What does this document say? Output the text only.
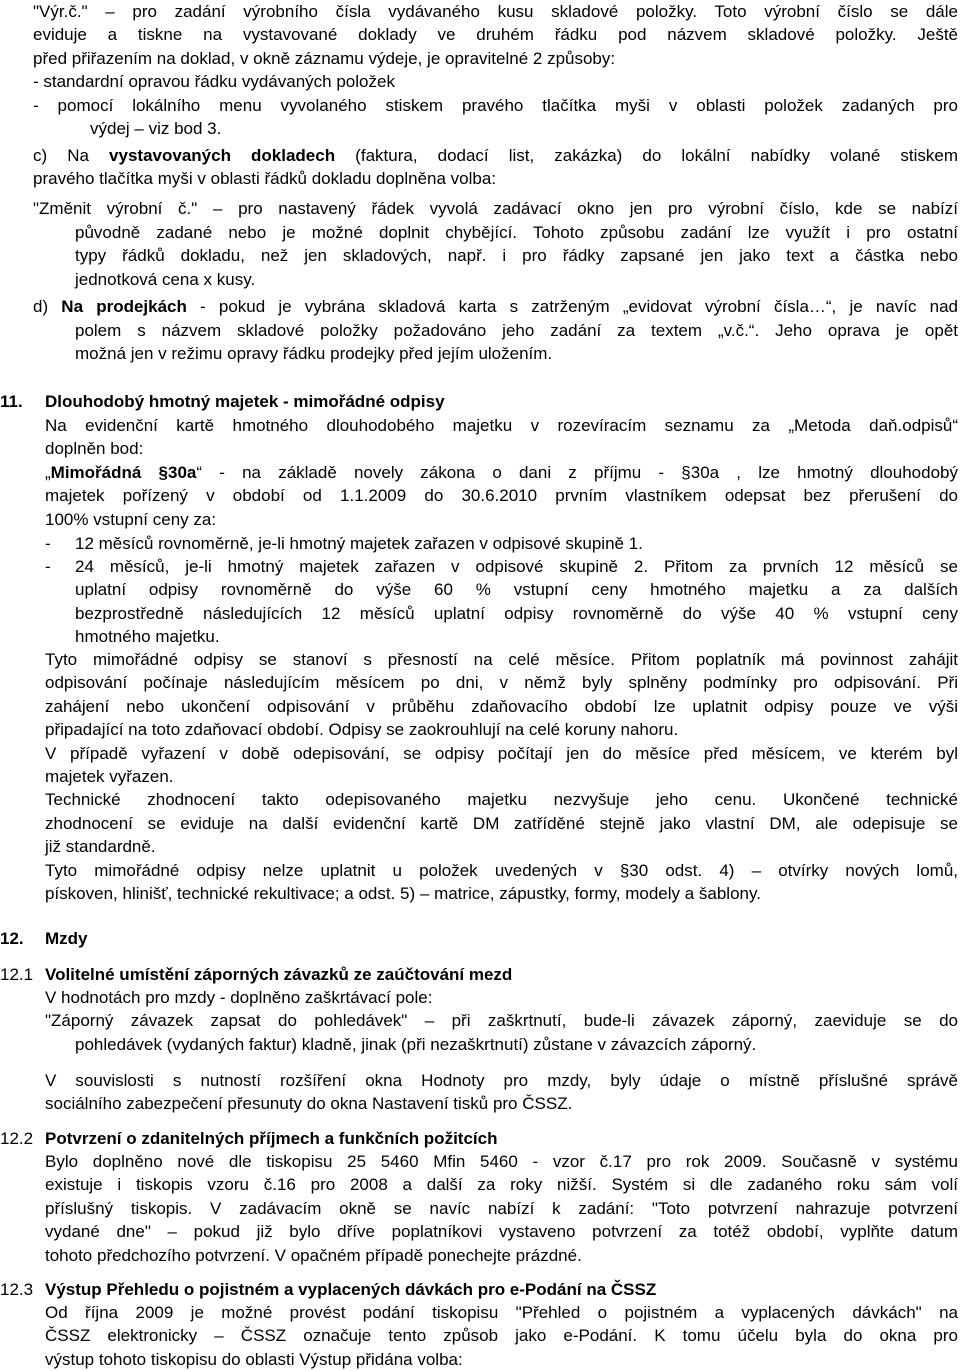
"Výr.č." – pro zadání výrobního čísla vydávaného kusu skladové položky. Toto výrobní číslo se dále
eviduje a tiskne na vystavované doklady ve druhém řádku pod názvem skladové položky. Ještě
před přiřazením na doklad, v okně záznamu výdeje, je opravitelné 2 způsoby:
- standardní opravou řádku vydávaných položek
- pomocí lokálního menu vyvolaného stiskem pravého tlačítka myši v oblasti položek zadaných pro
výdej – viz bod 3.
c) Na vystavovaných dokladech (faktura, dodací list, zakázka) do lokální nabídky volané stiskem
pravého tlačítka myši v oblasti řádků dokladu doplněna volba:
"Změnit výrobní č." – pro nastavený řádek vyvolá zadávací okno jen pro výrobní číslo, kde se nabízí
původně zadané nebo je možné doplnit chybějící. Tohoto způsobu zadání lze využít i pro ostatní
typy řádků dokladu, než jen skladových, např. i pro řádky zapsané jen jako text a částka nebo
jednotková cena x kusy.
d) Na prodejkách - pokud je vybrána skladová karta s zatrženým „evidovat výrobní čísla…“, je navíc nad
polem s názvem skladové položky požadováno jeho zadání za textem „v.č.“. Jeho oprava je opět
možná jen v režimu opravy řádku prodejky před jejím uložením.
11. Dlouhodobý hmotný majetek - mimořádné odpisy
Na evidenční kartě hmotného dlouhodobého majetku v rozevíracím seznamu za „Metoda daň.odpisů“
doplněn bod:
„Mimořádná §30a“ - na základě novely zákona o dani z příjmu - §30a , lze hmotný dlouhodobý
majetek pořízený v období od 1.1.2009 do 30.6.2010 prvním vlastníkem odepsat bez přerušení do
100% vstupní ceny za:
- 12 měsíců rovnoměrně, je-li hmotný majetek zařazen v odpisové skupině 1.
- 24 měsíců, je-li hmotný majetek zařazen v odpisové skupině 2. Přitom za prvních 12 měsíců se
uplatní odpisy rovnoměrně do výše 60 % vstupní ceny hmotného majetku a za dalších
bezprostředně následujících 12 měsíců uplatní odpisy rovnoměrně do výše 40 % vstupní ceny
hmotného majetku.
Tyto mimořádné odpisy se stanoví s přesností na celé měsíce. Přitom poplatník má povinnost zahájit
odpisování počínaje následujícím měsícem po dni, v němž byly splněny podmínky pro odpisování. Při
zahájení nebo ukončení odpisování v průběhu zdaňovacího období lze uplatnit odpisy pouze ve výši
připadající na toto zdaňovací období. Odpisy se zaokrouhlují na celé koruny nahoru.
V případě vyřazení v době odepisování, se odpisy počítají jen do měsíce před měsícem, ve kterém byl
majetek vyřazen.
Technické zhodnocení takto odepisovaného majetku nezvyšuje jeho cenu. Ukončené technické
zhodnocení se eviduje na další evidenční kartě DM zatříděné stejně jako vlastní DM, ale odepisuje se
již standardně.
Tyto mimořádné odpisy nelze uplatnit u položek uvedených v §30 odst. 4) – otvírky nových lomů,
pískoven, hlinišť, technické rekultivace; a odst. 5) – matrice, zápustky, formy, modely a šablony.
12. Mzdy
12.1 Volitelné umístění záporných závazků ze zaúčtování mezd
V hodnotách pro mzdy - doplněno zaškrtávací pole:
"Záporný závazek zapsat do pohledávek" – při zaškrtnutí, bude-li závazek záporný, zaeviduje se do
pohledávek (vydaných faktur) kladně, jinak (při nezaškrtnutí) zůstane v závazcích záporný.
V souvislosti s nutností rozšíření okna Hodnoty pro mzdy, byly údaje o místně příslušné správě
sociálního zabezpečení přesunuty do okna Nastavení tisků pro ČSSZ.
12.2 Potvrzení o zdanitelných příjmech a funkčních požitcích
Bylo doplněno nové dle tiskopisu 25 5460 Mfin 5460 - vzor č.17 pro rok 2009. Současně v systému
existuje i tiskopis vzoru č.16 pro 2008 a další za roky nižší. Systém si dle zadaného roku sám volí
příslušný tiskopis. V zadávacím okně se navíc nabízí k zadání: "Toto potvrzení nahrazuje potvrzení
vydané dne" – pokud již bylo dříve poplatníkovi vystaveno potvrzení za totéž období, vyplňte datum
tohoto předchozího potvrzení. V opačném případě ponechejte prázdné.
12.3 Výstup Přehledu o pojistném a vyplacených dávkách pro e-Podání na ČSSZ
Od října 2009 je možné provést podání tiskopisu "Přehled o pojistném a vyplacených dávkách" na
ČSSZ elektronicky – ČSSZ označuje tento způsob jako e-Podání. K tomu účelu byla do okna pro
výstup tohoto tiskopisu do oblasti Výstup přidána volba:
